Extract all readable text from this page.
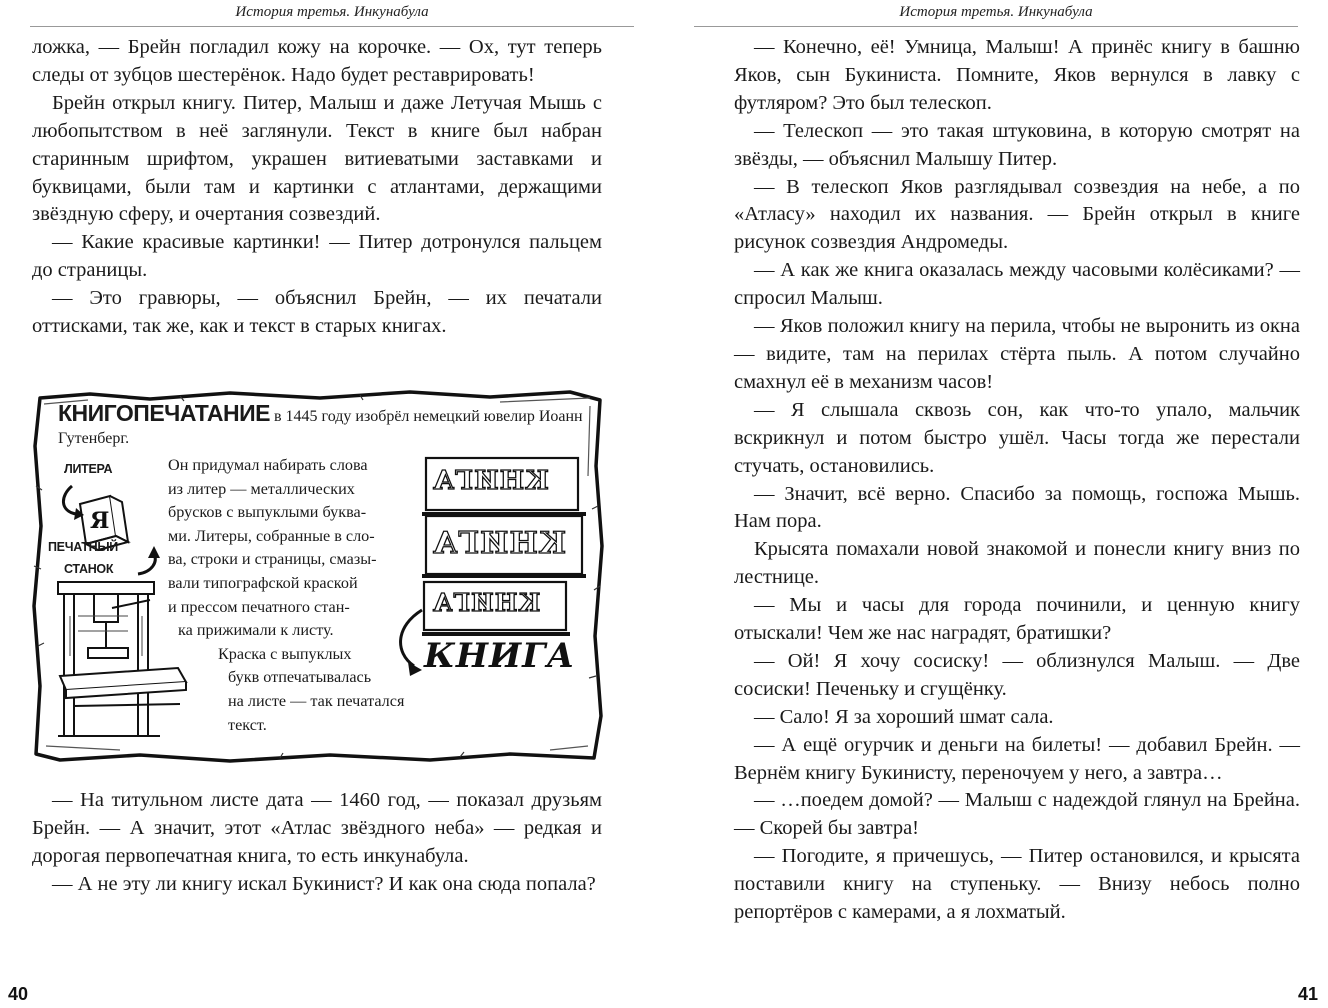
История третья. Инкунабула

ложка, — Брейн погладил кожу на корочке. — Ох, тут теперь следы от зубцов шестерёнок. Надо будет реставрировать!

Брейн открыл книгу. Питер, Малыш и даже Летучая Мышь с любопытством в неё заглянули. Текст в книге был набран старинным шрифтом, украшен витиеватыми заставками и буквицами, были там и картинки с атлантами, держащими звёздную сферу, и очертания созвездий.

— Какие красивые картинки! — Питер дотронулся пальцем до страницы.

— Это гравюры, — объяснил Брейн, — их печатали оттисками, так же, как и текст в старых книгах.

Я
КНИГОПЕЧАТАНИЕ в 1445 году изобрёл немецкий ювелир Иоанн Гутенберг.
Он придумал набирать слова
из литер — металлических
брусков с выпуклыми буква-
ми. Литеры, собранные в сло-
ва, строки и страницы, смазы-
вали типографской краской
и прессом печатного стан-
ка прижимали к листу.
Краска с выпуклых
букв отпечатывалась
на листе — так печатался
текст.
ЛИТЕРА
ПЕЧАТНЫЙ
СТАНОК
КНИГА
КНИГА
КНИГА
КНИГА

— На титульном листе дата — 1460 год, — показал друзьям Брейн. — А значит, этот «Атлас звёздного неба» — редкая и дорогая первопечатная книга, то есть инкунабула.

— А не эту ли книгу искал Букинист? И как она сюда попала?

40
История третья. Инкунабула

— Конечно, её! Умница, Малыш! А принёс книгу в башню Яков, сын Букиниста. Помните, Яков вернулся в лавку с футляром? Это был телескоп.

— Телескоп — это такая штуковина, в которую смотрят на звёзды, — объяснил Малышу Питер.

— В телескоп Яков разглядывал созвездия на небе, а по «Атласу» находил их названия. — Брейн открыл в книге рисунок созвездия Андромеды.

— А как же книга оказалась между часовыми колёсиками? — спросил Малыш.

— Яков положил книгу на перила, чтобы не выронить из окна — видите, там на перилах стёрта пыль. А потом случайно смахнул её в механизм часов!

— Я слышала сквозь сон, как что-то упало, мальчик вскрикнул и потом быстро ушёл. Часы тогда же перестали стучать, остановились.

— Значит, всё верно. Спасибо за помощь, госпожа Мышь. Нам пора.

Крысята помахали новой знакомой и понесли книгу вниз по лестнице.

— Мы и часы для города починили, и ценную книгу отыскали! Чем же нас наградят, братишки?

— Ой! Я хочу сосиску! — облизнулся Малыш. — Две сосиски! Печеньку и сгущёнку.

— Сало! Я за хороший шмат сала.

— А ещё огурчик и деньги на билеты! — добавил Брейн. — Вернём книгу Букинисту, переночуем у него, а завтра…

— …поедем домой? — Малыш с надеждой глянул на Брейна. — Скорей бы завтра!

— Погодите, я причешусь, — Питер остановился, и крысята поставили книгу на ступеньку. — Внизу небось полно репортёров с камерами, а я лохматый.

41
